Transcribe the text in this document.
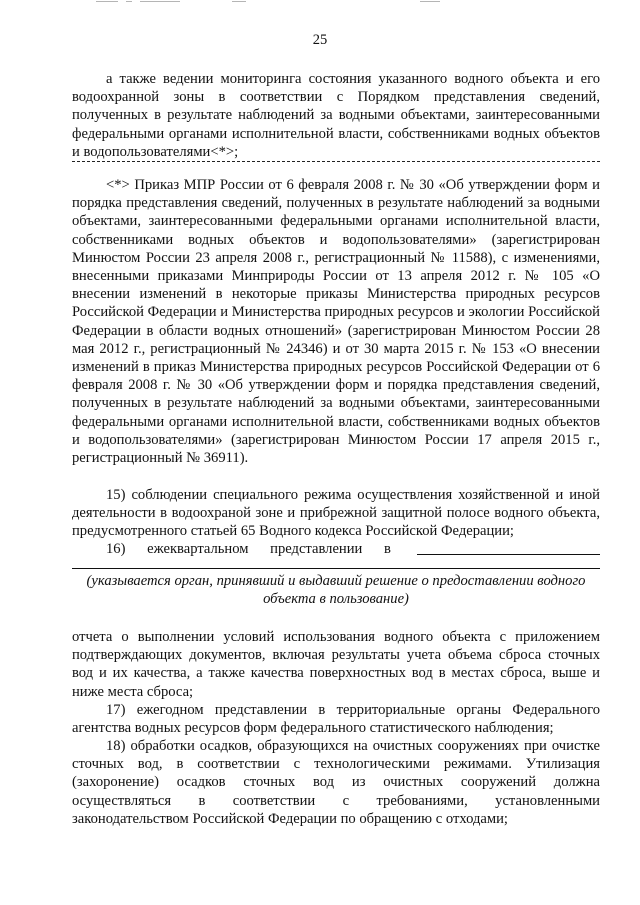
25

а также ведении мониторинга состояния указанного водного объекта и его водоохранной зоны в соответствии с Порядком представления сведений, полученных в результате наблюдений за водными объектами, заинтересованными федеральными органами исполнительной власти, собственниками водных объектов и водопользователями<*>;

<*> Приказ МПР России от 6 февраля 2008 г. № 30 «Об утверждении форм и порядка представления сведений, полученных в результате наблюдений за водными объектами, заинтересованными федеральными органами исполнительной власти, собственниками водных объектов и водопользователями» (зарегистрирован Минюстом России 23 апреля 2008 г., регистрационный № 11588), с изменениями, внесенными приказами Минприроды России от 13 апреля 2012 г. № 105 «О внесении изменений в некоторые приказы Министерства природных ресурсов Российской Федерации и Министерства природных ресурсов и экологии Российской Федерации в области водных отношений» (зарегистрирован Минюстом России 28 мая 2012 г., регистрационный № 24346) и от 30 марта 2015 г. № 153 «О внесении изменений в приказ Министерства природных ресурсов Российской Федерации от 6 февраля 2008 г. № 30 «Об утверждении форм и порядка представления сведений, полученных в результате наблюдений за водными объектами, заинтересованными федеральными органами исполнительной власти, собственниками водных объектов и водопользователями» (зарегистрирован Минюстом России 17 апреля 2015 г., регистрационный № 36911).

15) соблюдении специального режима осуществления хозяйственной и иной деятельности в водоохраной зоне и прибрежной защитной полосе водного объекта, предусмотренного статьей 65 Водного кодекса Российской Федерации;

16) ежеквартальном представлении в

(указывается орган, принявший и выдавший решение о предоставлении водного объекта в пользование)

отчета о выполнении условий использования водного объекта с приложением подтверждающих документов, включая результаты учета объема сброса сточных вод и их качества, а также качества поверхностных вод в местах сброса, выше и ниже места сброса;

17) ежегодном представлении в территориальные органы Федерального агентства водных ресурсов форм федерального статистического наблюдения;

18) обработки осадков, образующихся на очистных сооружениях при очистке сточных вод, в соответствии с технологическими режимами. Утилизация (захоронение) осадков сточных вод из очистных сооружений должна осуществляться в соответствии с требованиями, установленными законодательством Российской Федерации по обращению с отходами;
